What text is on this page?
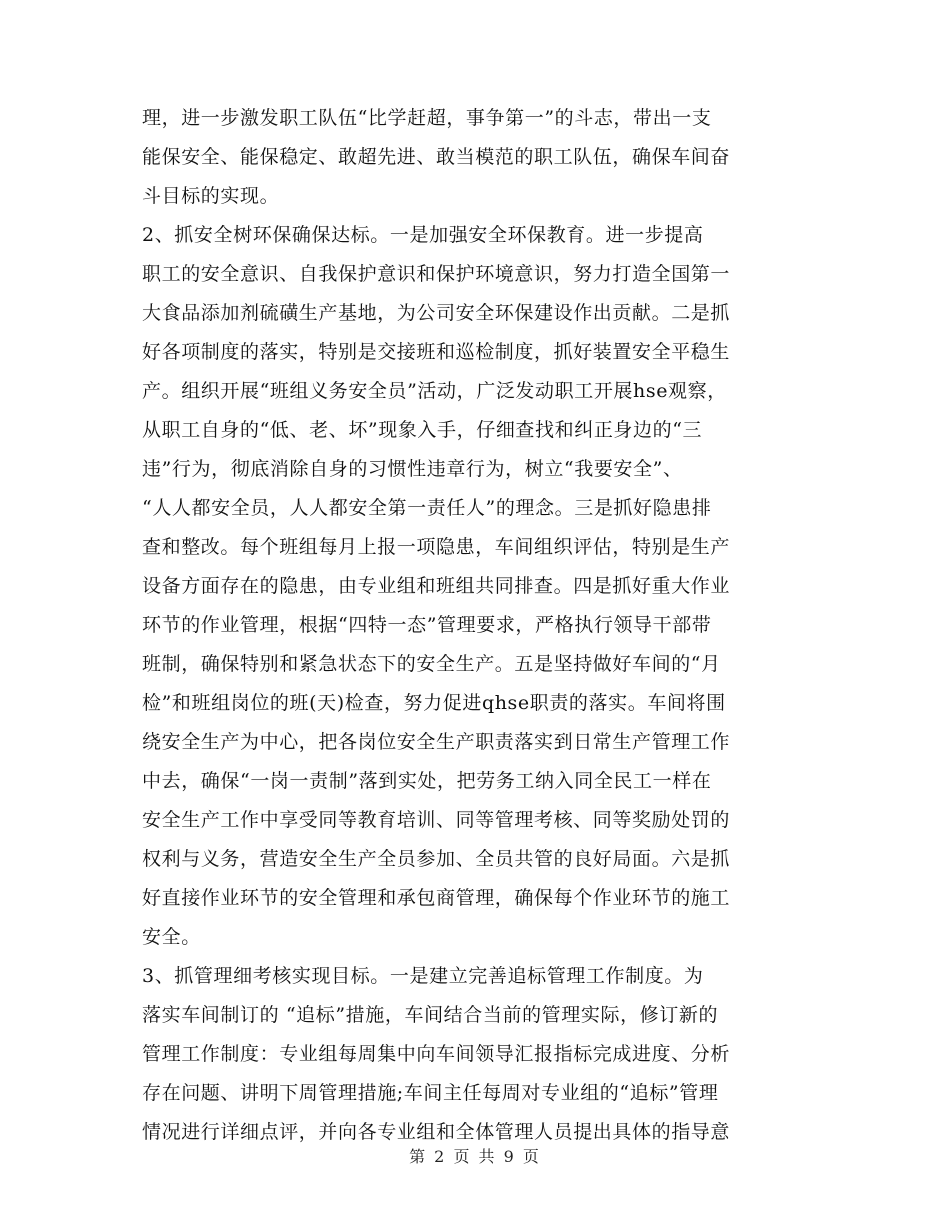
理，进一步激发职工队伍“比学赶超，事争第一”的斗志，带出一支
能保安全、能保稳定、敢超先进、敢当模范的职工队伍，确保车间奋
斗目标的实现。
2、抓安全树环保确保达标。一是加强安全环保教育。进一步提高
职工的安全意识、自我保护意识和保护环境意识，努力打造全国第一
大食品添加剂硫磺生产基地，为公司安全环保建设作出贡献。二是抓
好各项制度的落实，特别是交接班和巡检制度，抓好装置安全平稳生
产。组织开展“班组义务安全员”活动，广泛发动职工开展hse观察，
从职工自身的“低、老、坏”现象入手，仔细查找和纠正身边的“三
违”行为，彻底消除自身的习惯性违章行为，树立“我要安全”、
“人人都安全员，人人都安全第一责任人”的理念。三是抓好隐患排
查和整改。每个班组每月上报一项隐患，车间组织评估，特别是生产
设备方面存在的隐患，由专业组和班组共同排查。四是抓好重大作业
环节的作业管理，根据“四特一态”管理要求，严格执行领导干部带
班制，确保特别和紧急状态下的安全生产。五是坚持做好车间的“月
检”和班组岗位的班(天)检查，努力促进qhse职责的落实。车间将围
绕安全生产为中心，把各岗位安全生产职责落实到日常生产管理工作
中去，确保“一岗一责制”落到实处，把劳务工纳入同全民工一样在
安全生产工作中享受同等教育培训、同等管理考核、同等奖励处罚的
权利与义务，营造安全生产全员参加、全员共管的良好局面。六是抓
好直接作业环节的安全管理和承包商管理，确保每个作业环节的施工
安全。
3、抓管理细考核实现目标。一是建立完善追标管理工作制度。为
落实车间制订的 “追标”措施，车间结合当前的管理实际，修订新的
管理工作制度：专业组每周集中向车间领导汇报指标完成进度、分析
存在问题、讲明下周管理措施;车间主任每周对专业组的“追标”管理
情况进行详细点评，并向各专业组和全体管理人员提出具体的指导意
第 2 页 共 9 页
